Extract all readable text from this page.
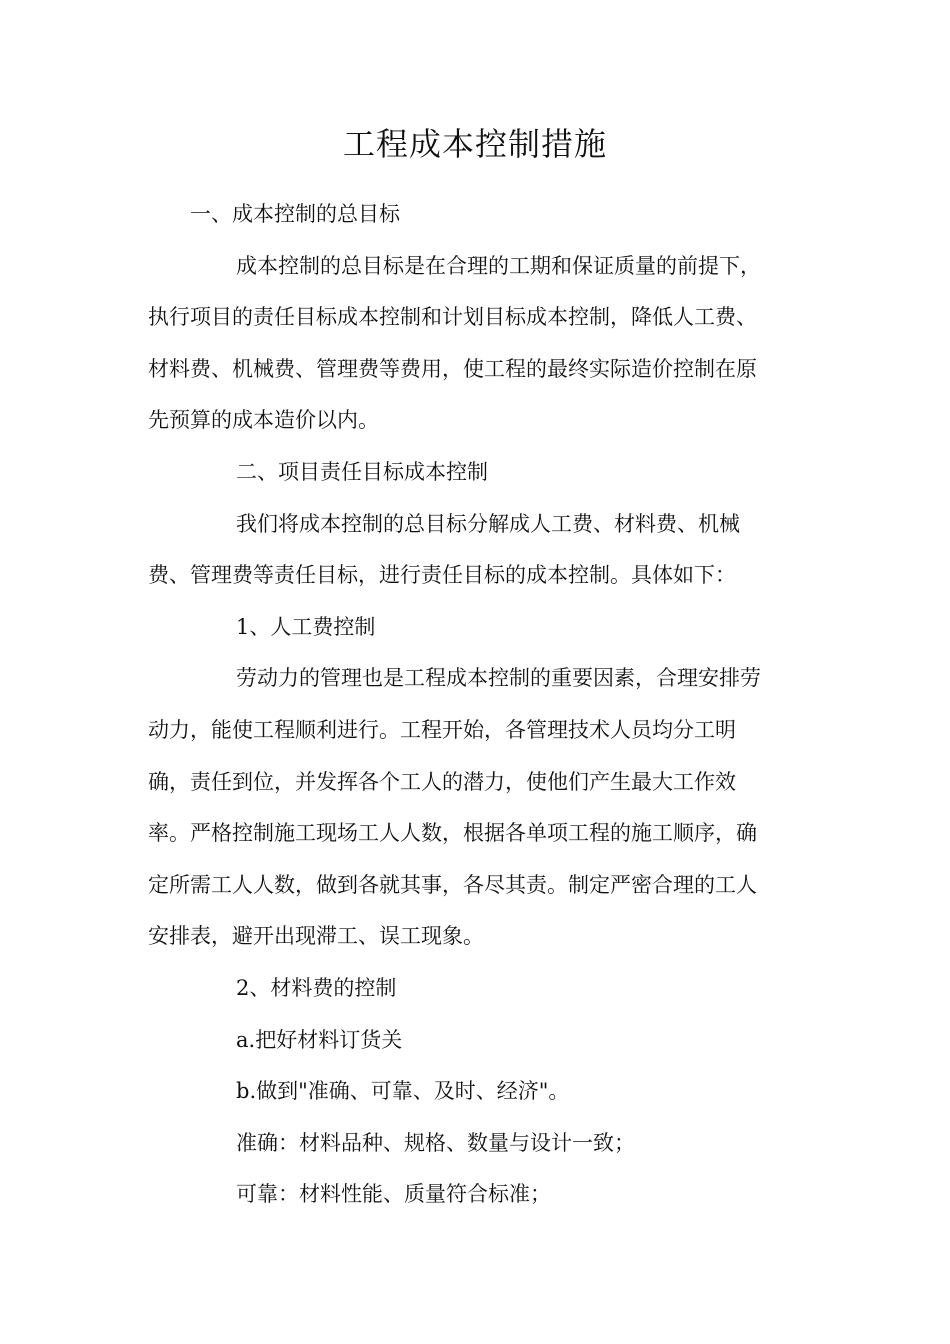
工程成本控制措施

一、成本控制的总目标

成本控制的总目标是在合理的工期和保证质量的前提下，

执行项目的责任目标成本控制和计划目标成本控制，降低人工费、

材料费、机械费、管理费等费用，使工程的最终实际造价控制在原

先预算的成本造价以内。

二、项目责任目标成本控制

我们将成本控制的总目标分解成人工费、材料费、机械

费、管理费等责任目标，进行责任目标的成本控制。具体如下：

1、人工费控制

劳动力的管理也是工程成本控制的重要因素，合理安排劳

动力，能使工程顺利进行。工程开始，各管理技术人员均分工明

确，责任到位，并发挥各个工人的潜力，使他们产生最大工作效

率。严格控制施工现场工人人数，根据各单项工程的施工顺序，确

定所需工人人数，做到各就其事，各尽其责。制定严密合理的工人

安排表，避开出现滞工、误工现象。

2、材料费的控制

a.把好材料订货关

b.做到"准确、可靠、及时、经济"。

准确：材料品种、规格、数量与设计一致；

可靠：材料性能、质量符合标准；
